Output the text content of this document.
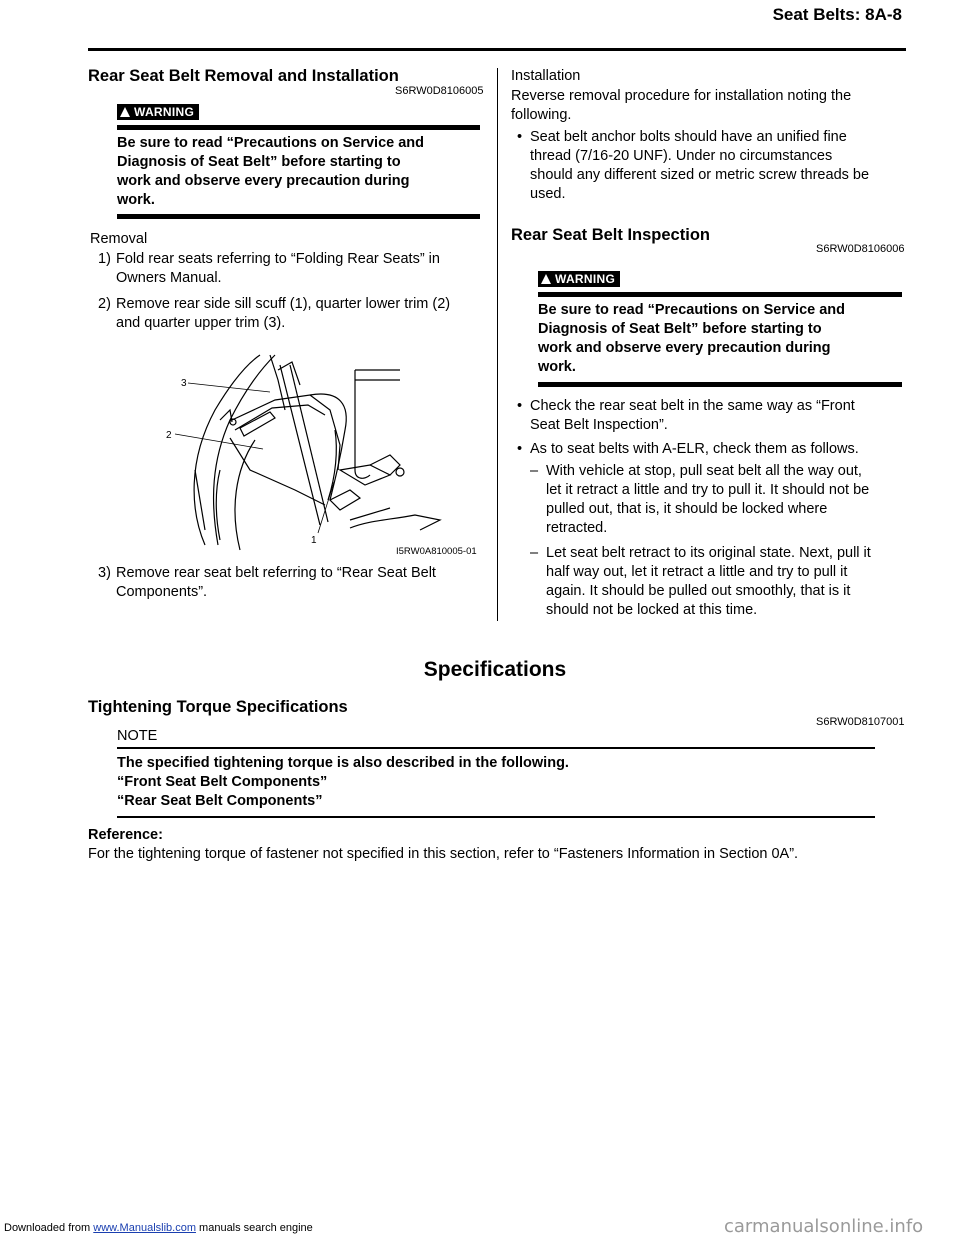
Seat Belts: 8A-8
Rear Seat Belt Removal and Installation
S6RW0D8106005
WARNING
Be sure to read “Precautions on Service and
Diagnosis of Seat Belt” before starting to
work and observe every precaution during
work.
Removal
1) Fold rear seats referring to “Folding Rear Seats” in
Owners Manual.
2) Remove rear side sill scuff (1), quarter lower trim (2)
and quarter upper trim (3).
3
2
1
I5RW0A810005-01
3) Remove rear seat belt referring to “Rear Seat Belt
Components”.
Installation
Reverse removal procedure for installation noting the
following.
• Seat belt anchor bolts should have an unified fine
thread (7/16-20 UNF). Under no circumstances
should any different sized or metric screw threads be
used.
Rear Seat Belt Inspection
S6RW0D8106006
WARNING
Be sure to read “Precautions on Service and
Diagnosis of Seat Belt” before starting to
work and observe every precaution during
work.
• Check the rear seat belt in the same way as “Front
Seat Belt Inspection”.
• As to seat belts with A-ELR, check them as follows.
– With vehicle at stop, pull seat belt all the way out,
let it retract a little and try to pull it. It should not be
pulled out, that is, it should be locked where
retracted.
– Let seat belt retract to its original state. Next, pull it
half way out, let it retract a little and try to pull it
again. It should be pulled out smoothly, that is it
should not be locked at this time.
Specifications
Tightening Torque Specifications
S6RW0D8107001
NOTE
The specified tightening torque is also described in the following.
“Front Seat Belt Components”
“Rear Seat Belt Components”
Reference:
For the tightening torque of fastener not specified in this section, refer to “Fasteners Information in Section 0A”.
Downloaded from www.Manualslib.com manuals search engine	carmanualsonline.info
